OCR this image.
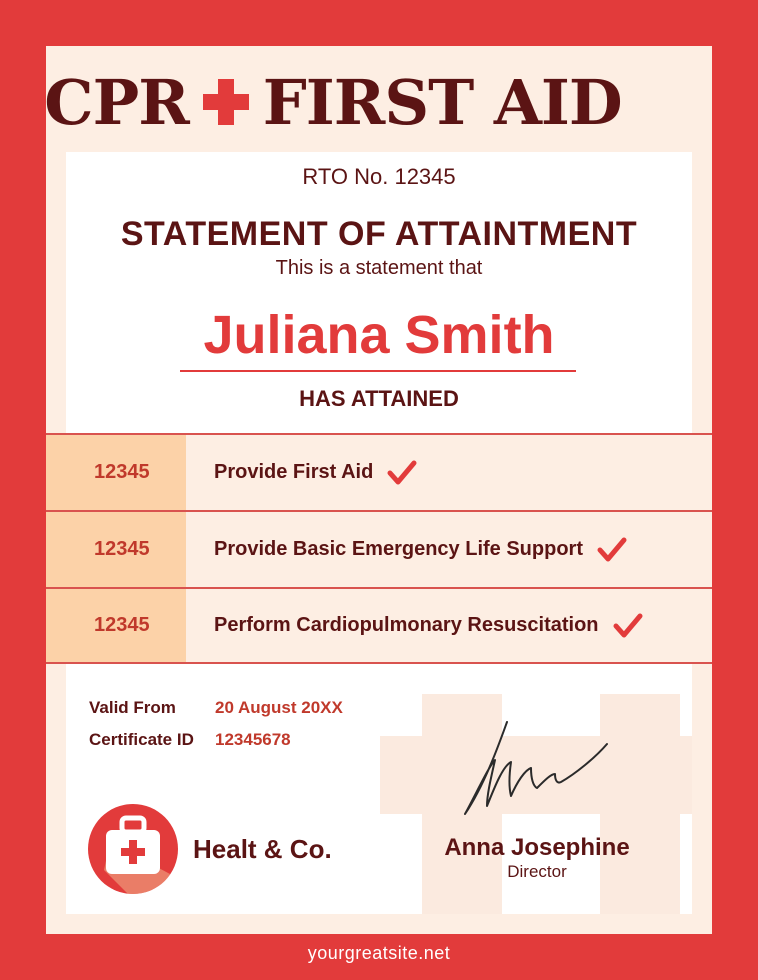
CPR FIRST AID
RTO No. 12345
STATEMENT OF ATTAINTMENT
This is a statement that
Juliana Smith
HAS ATTAINED
12345	Provide First Aid
12345	Provide Basic Emergency Life Support
12345	Perform Cardiopulmonary Resuscitation
Valid From	20 August 20XX
Certificate ID	12345678
Healt & Co.	Anna Josephine
Director
yourgreatsite.net
